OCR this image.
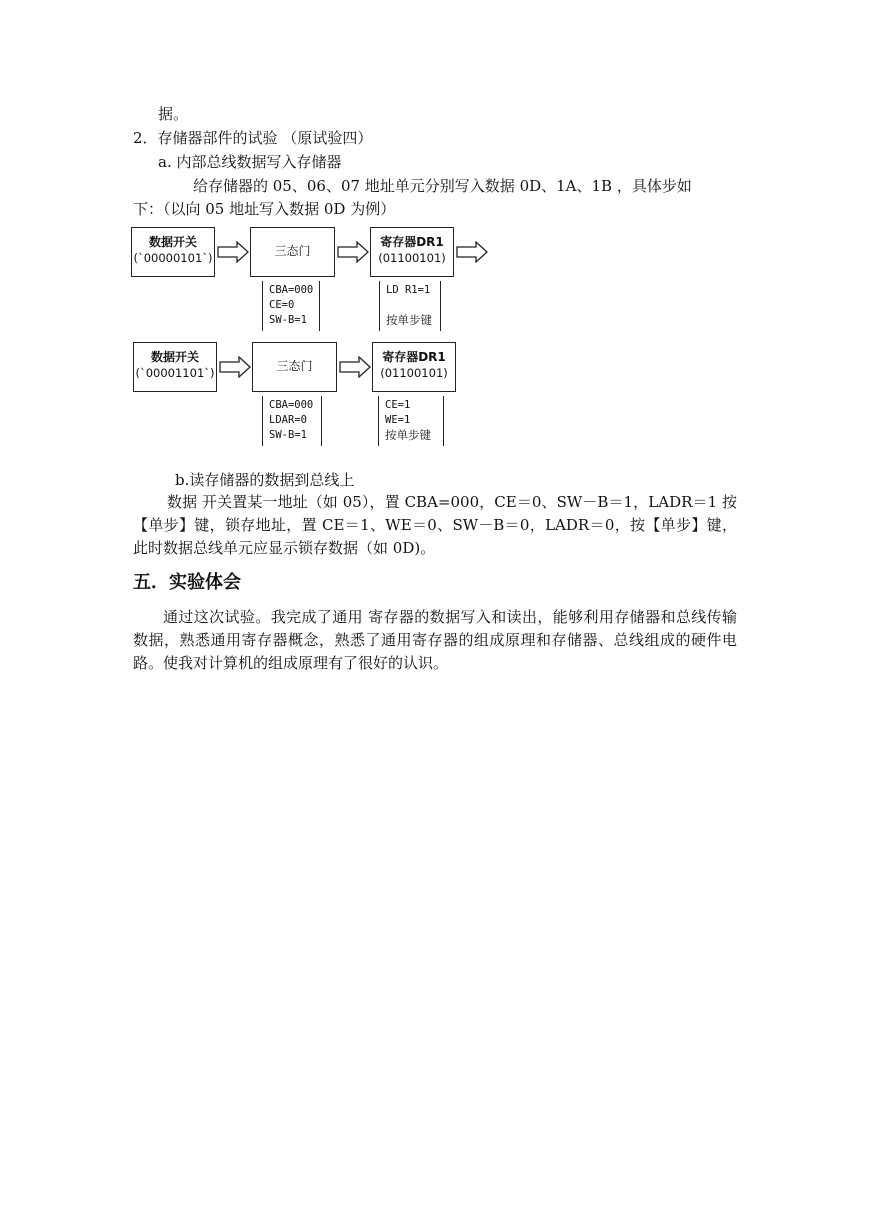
据。
2．存储器部件的试验 （原试验四）
a. 内部总线数据写入存储器
给存储器的 05、06、07 地址单元分别写入数据 0D、1A、1B ，具体步如
下：（以向 05 地址写入数据 0D 为例）
数据开关
(`00000101`)	三态门
寄存器DR1
(01100101)
CBA=000
CE=0
SW-B=1
LD R1=1
按单步键
数据开关
(`00001101`)	三态门
寄存器DR1
(01100101)
CBA=000
LDAR=0
SW-B=1
CE=1
WE=1
按单步键
b.读存储器的数据到总线上
数据 开关置某一地址（如 05），置 CBA=000，CE＝0、SW－B＝1，LADR＝1 按【单步】键，锁存地址，置 CE＝1、WE＝0、SW－B＝0，LADR＝0，按【单步】键，此时数据总线单元应显示锁存数据（如 0D)。
五．实验体会
通过这次试验。我完成了通用 寄存器的数据写入和读出，能够利用存储器和总线传输数据，熟悉通用寄存器概念，熟悉了通用寄存器的组成原理和存储器、总线组成的硬件电路。使我对计算机的组成原理有了很好的认识。
